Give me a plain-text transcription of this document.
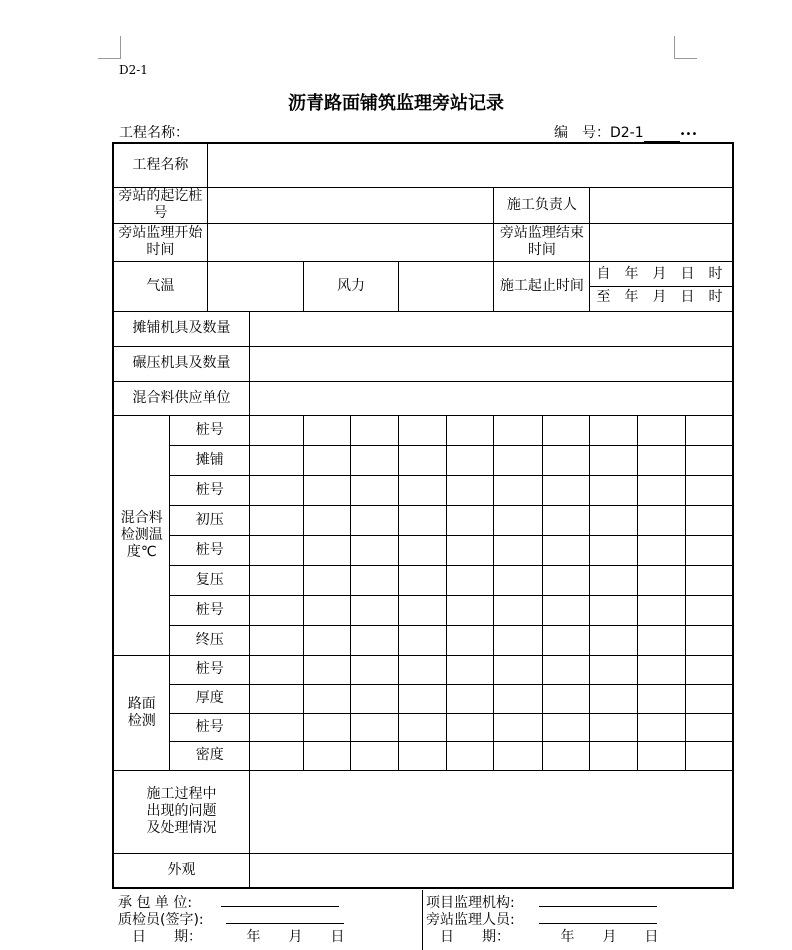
D2-1
沥青路面铺筑监理旁站记录
工程名称：	编　号：D2-1	•••
工程名称	
旁站的起讫桩号		施工负责人	
旁站监理开始时间		旁站监理结束时间	
气温		风力		施工起止时间	
自　年　月　日　时
至　年　月　日　时

摊铺机具及数量	
碾压机具及数量	
混合料供应单位	
混合料检测温度℃	桩号										
摊铺										
桩号										
初压										
桩号										
复压										
桩号										
终压										
路面检测	桩号										
厚度										
桩号										
密度										
施工过程中出现的问题及处理情况	
外观	
承 包 单 位:
质检员(签字):
日　　期：	年　　月　　日
项目监理机构:
旁站监理人员:
日　　期：	年　　月　　日
